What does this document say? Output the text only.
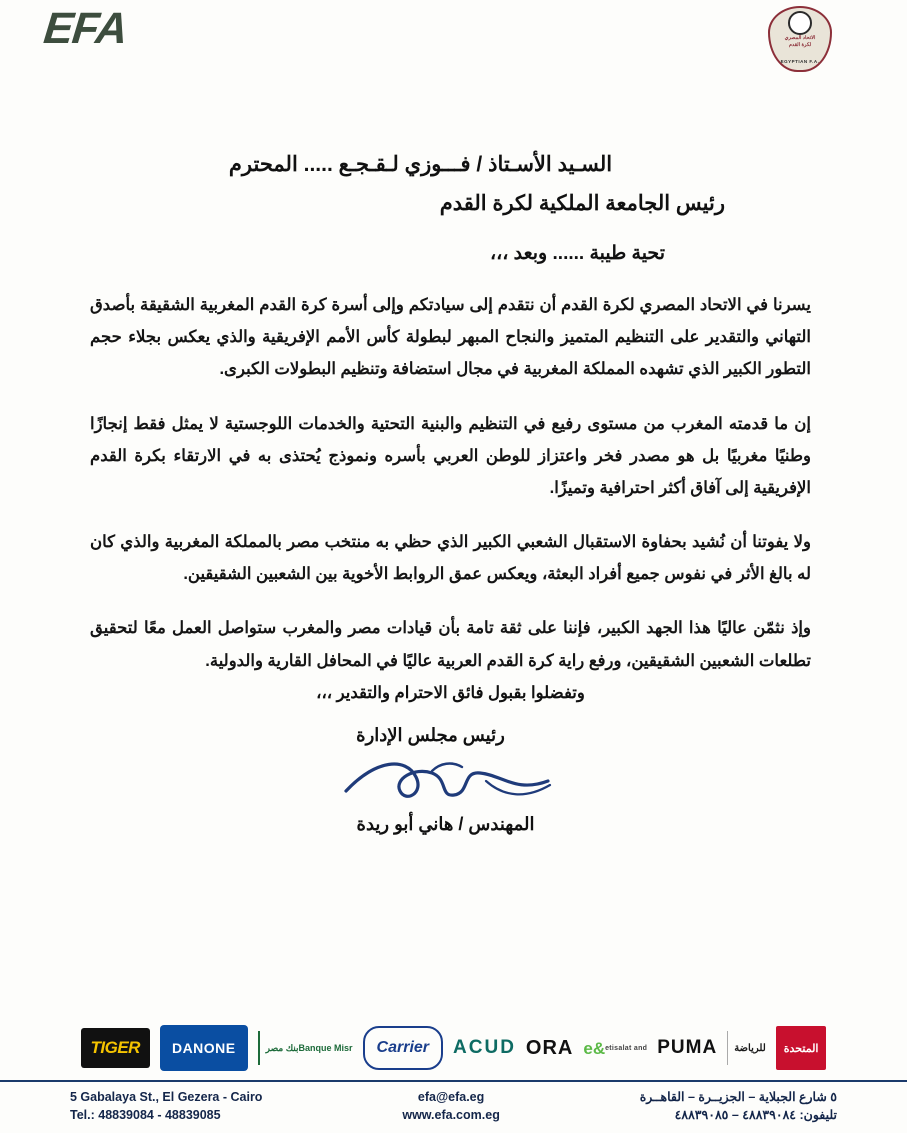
EFA	الاتحاد المصري
لكرة القدم
EGYPTIAN F.A.
السـيد الأسـتاذ / فـــوزي لـقـجـع ..... المحترم
رئيس الجامعة الملكية لكرة القدم
تحية طيبة ...... وبعد ،،،

يسرنا في الاتحاد المصري لكرة القدم أن نتقدم إلى سيادتكم وإلى أسرة كرة القدم المغربية الشقيقة بأصدق التهاني والتقدير على التنظيم المتميز والنجاح المبهر لبطولة كأس الأمم الإفريقية والذي يعكس بجلاء حجم التطور الكبير الذي تشهده المملكة المغربية في مجال استضافة وتنظيم البطولات الكبرى.

إن ما قدمته المغرب من مستوى رفيع في التنظيم والبنية التحتية والخدمات اللوجستية لا يمثل فقط إنجازًا وطنيًا مغربيًا بل هو مصدر فخر واعتزاز للوطن العربي بأسره ونموذج يُحتذى به في الارتقاء بكرة القدم الإفريقية إلى آفاق أكثر احترافية وتميزًا.

ولا يفوتنا أن نُشيد بحفاوة الاستقبال الشعبي الكبير الذي حظي به منتخب مصر بالمملكة المغربية والذي كان له بالغ الأثر في نفوس جميع أفراد البعثة، ويعكس عمق الروابط الأخوية بين الشعبين الشقيقين.

وإذ نثمّن عاليًا هذا الجهد الكبير، فإننا على ثقة تامة بأن قيادات مصر والمغرب ستواصل العمل معًا لتحقيق تطلعات الشعبين الشقيقين، ورفع راية كرة القدم العربية عاليًا في المحافل القارية والدولية.

وتفضلوا بقبول فائق الاحترام والتقدير ،،،
رئيس مجلس الإدارة
المهندس / هاني أبو ريدة
TIGER	DANONE	بنك مصر Banque Misr	Carrier	ACUD ORA e& etisalat and PUMA	للرياضة	المتحدة
5 Gabalaya St., El Gezera - Cairo
Tel.: 48839084 - 48839085
efa@efa.eg
www.efa.com.eg
٥ شارع الجبلاية – الجزيــرة – القاهــرة
تليفون: ٤٨٨٣٩٠٨٤ – ٤٨٨٣٩٠٨٥
